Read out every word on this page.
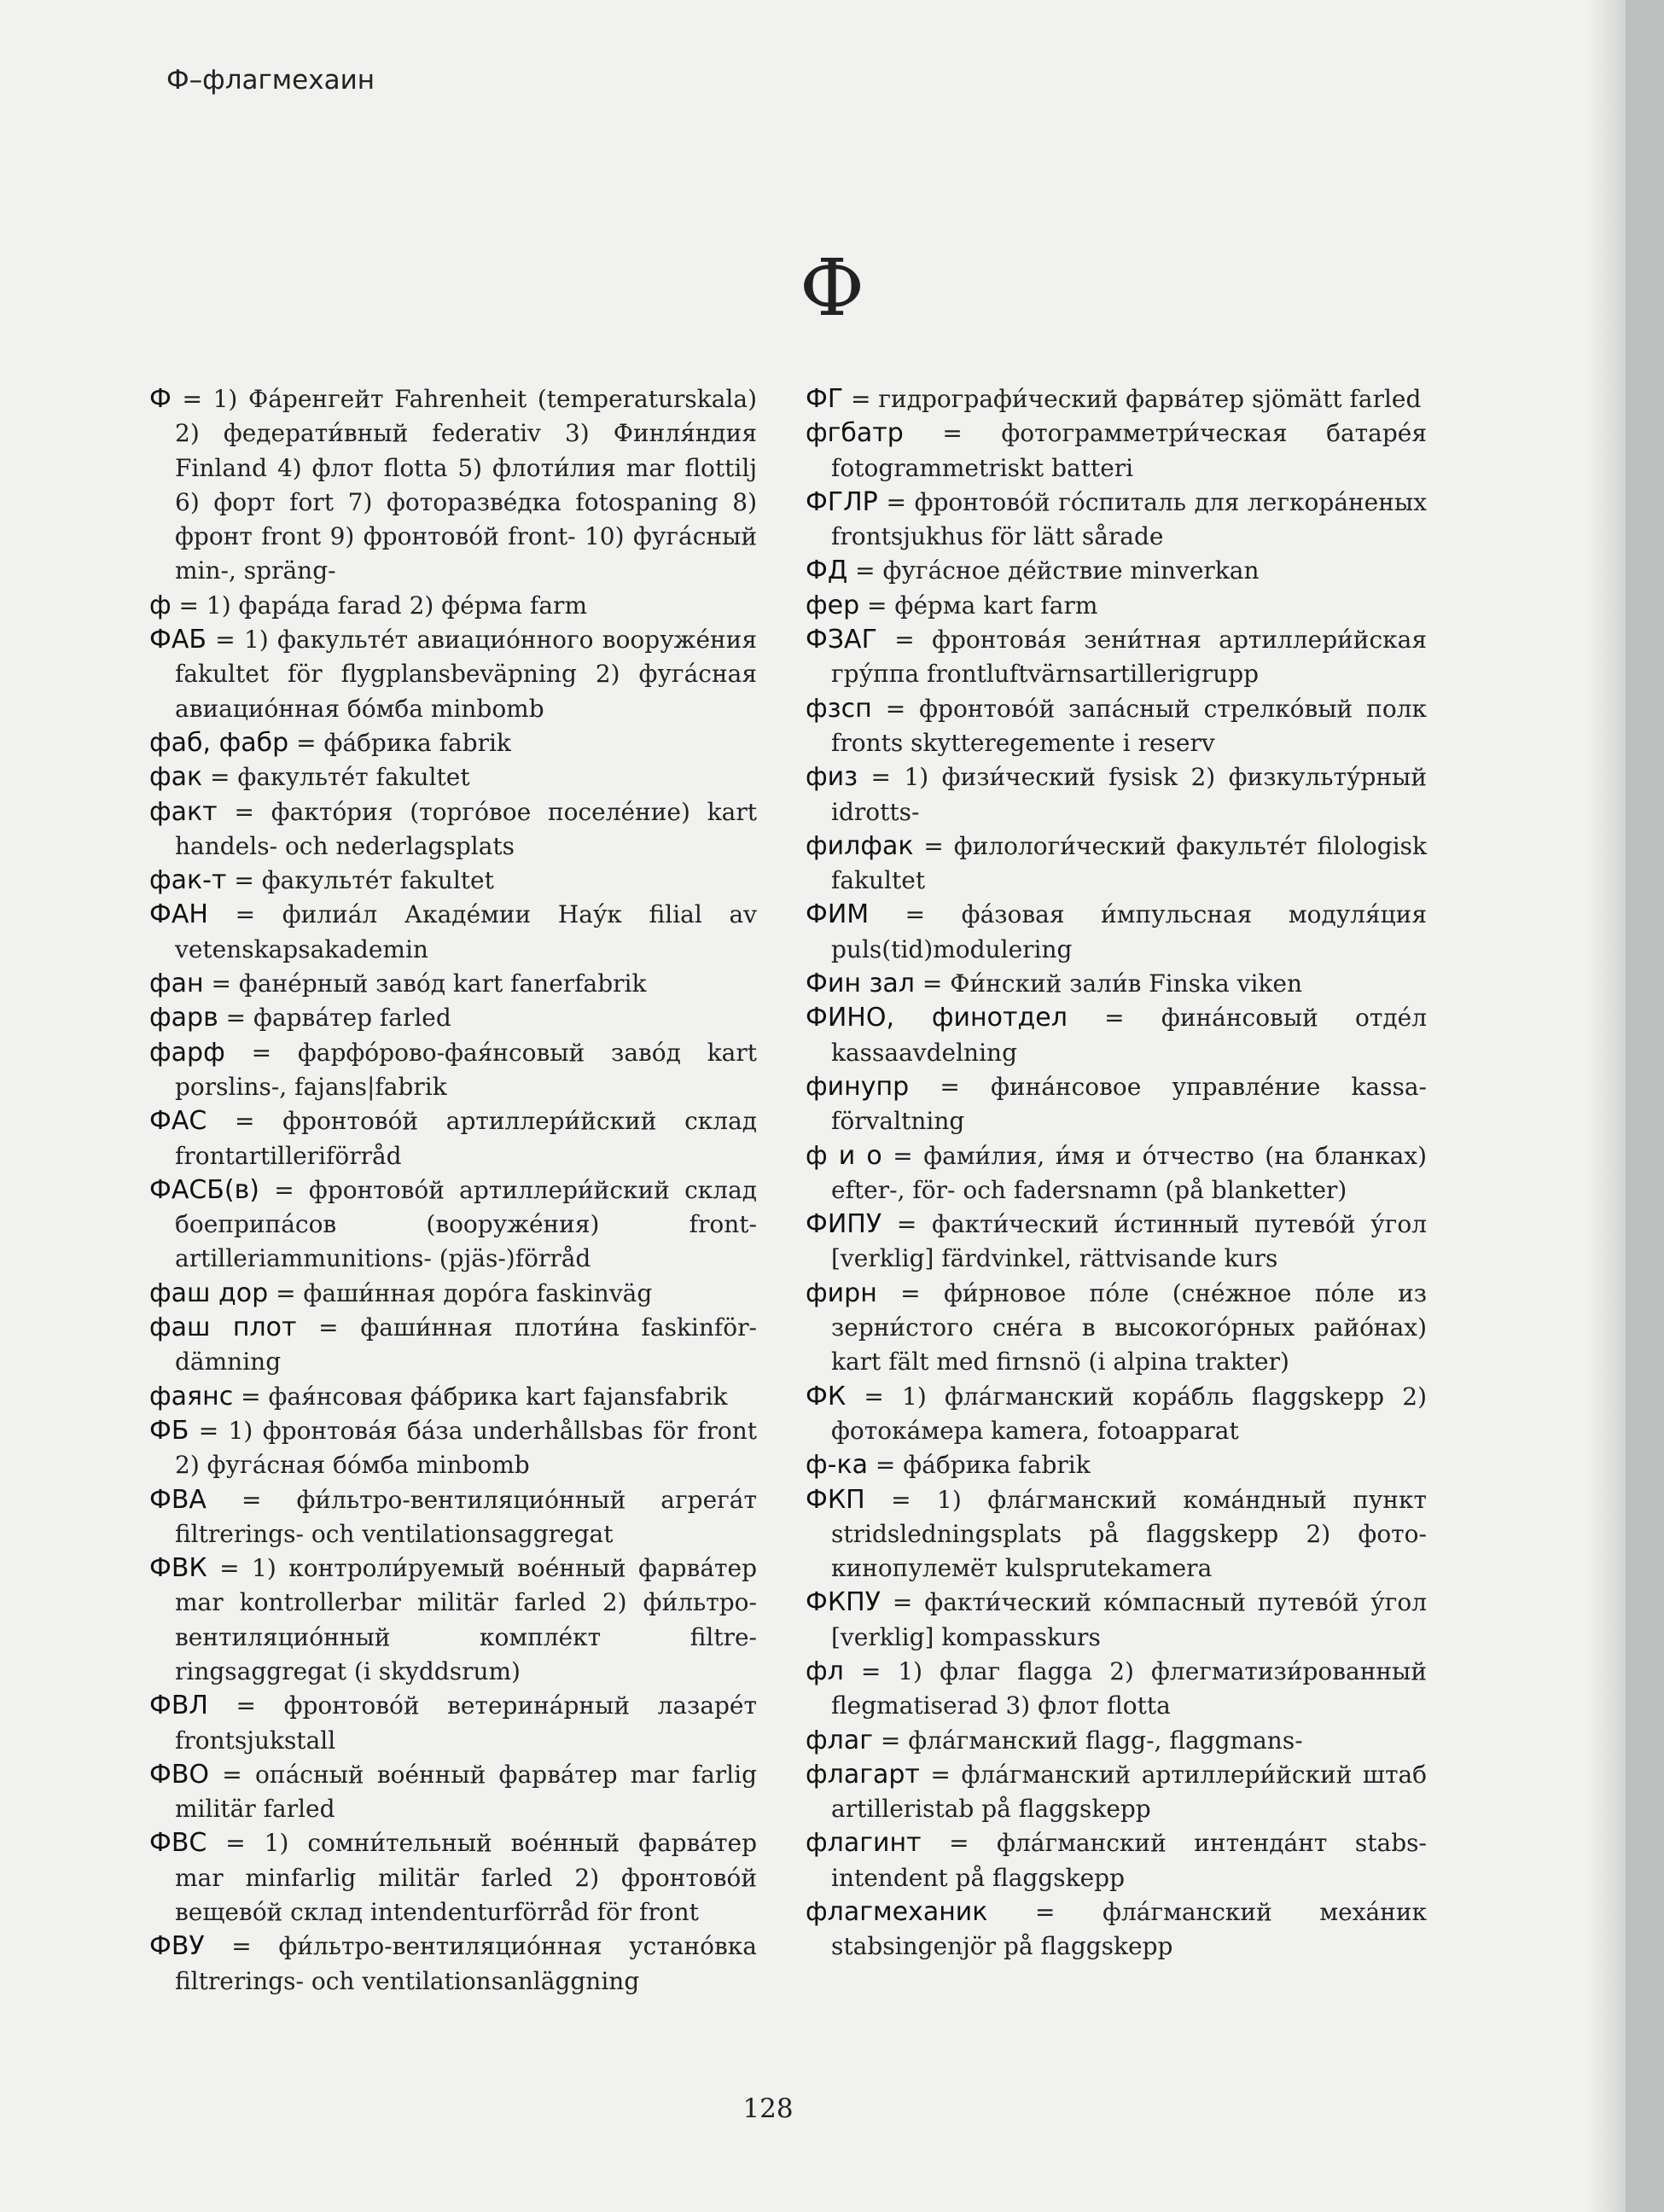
Ф–флагмехаин
Ф

Ф = 1) Фа́ренгейт Fahrenheit (temperaturskala) 2) федерати́вный federativ 3) Финля́ндия Finland 4) флот flotta 5) флоти́лия mar flottilj 6) форт fort 7) фоторазве́дка fotospaning 8) фронт front 9) фронтово́й front- 10) фуга́сный min-, spräng-

ф = 1) фара́да farad 2) фе́рма farm

ФАБ = 1) факульте́т авиацио́нного вооруже́ния fakultet för flygplansbeväpning 2) фуга́сная авиацио́нная бо́мба minbomb

фаб, фабр = фа́брика fabrik

фак = факульте́т fakultet

факт = факто́рия (торго́вое поселе́ние) kart handels- och nederlagsplats

фак-т = факульте́т fakultet

ФАН = филиа́л Акаде́мии Нау́к filial av vetenskapsakademin

фан = фане́рный заво́д kart fanerfabrik

фарв = фарва́тер farled

фарф = фарфо́рово-фая́нсовый заво́д kart porslins-, fajans|fabrik

ФАС = фронтово́й артиллери́йский склад frontartilleriförråd

ФАСБ(в) = фронтово́й артиллери́йский склад боеприпа́сов (вооруже́ния) frontartilleriammunitions- (pjäs-)förråd

фаш дор = фаши́нная доро́га faskinväg

фаш плот = фаши́нная плоти́на faskinfördämning

фаянс = фая́нсовая фа́брика kart fajansfabrik

ФБ = 1) фронтова́я ба́за underhållsbas för front 2) фуга́сная бо́мба minbomb

ФВА = фи́льтро-вентиляцио́нный агрега́т filtrerings- och ventilationsaggregat

ФВК = 1) контроли́руемый вое́нный фарва́тер mar kontrollerbar militär farled 2) фи́льтро-вентиляцио́нный компле́кт filtreringsaggregat (i skyddsrum)

ФВЛ = фронтово́й ветерина́рный лазаре́т frontsjukstall

ФВО = опа́сный вое́нный фарва́тер mar farlig militär farled

ФВС = 1) сомни́тельный вое́нный фарва́тер mar minfarlig militär farled 2) фронтово́й вещево́й склад intendenturförråd för front

ФВУ = фи́льтро-вентиляцио́нная устано́вка filtrerings- och ventilationsanläggning

ФГ = гидрографи́ческий фарва́тер sjömätt farled

фгбатр = фотограмметри́ческая батаре́я fotogrammetriskt batteri

ФГЛР = фронтово́й го́спиталь для легкора́неных frontsjukhus för lätt sårade

ФД = фуга́сное де́йствие minverkan

фер = фе́рма kart farm

ФЗАГ = фронтова́я зени́тная артиллери́йская гру́ппа frontluftvärnsartillerigrupp

фзсп = фронтово́й запа́сный стрелко́вый полк fronts skytteregemente i reserv

физ = 1) физи́ческий fysisk 2) физкульту́рный idrotts-

филфак = филологи́ческий факульте́т filologisk fakultet

ФИМ = фа́зовая и́мпульсная модуля́ция puls(tid)modulering

Фин зал = Фи́нский зали́в Finska viken

ФИНО, финотдел = фина́нсовый отде́л kassaavdelning

финупр = фина́нсовое управле́ние kassaförvaltning

ф и о = фами́лия, и́мя и о́тчество (на бланках) efter-, för- och fadersnamn (på blanketter)

ФИПУ = факти́ческий и́стинный путево́й у́гол [verklig] färdvinkel, rättvisande kurs

фирн = фи́рновое по́ле (сне́жное по́ле из зерни́стого сне́га в высокого́рных райо́нах) kart fält med firnsnö (i alpina trakter)

ФК = 1) фла́гманский кора́бль flaggskepp 2) фотока́мера kamera, fotoapparat

ф-ка = фа́брика fabrik

ФКП = 1) фла́гманский кома́ндный пункт stridsledningsplats på flaggskepp 2) фотокинопулемёт kulsprutekamera

ФКПУ = факти́ческий ко́мпасный путево́й у́гол [verklig] kompasskurs

фл = 1) флаг flagga 2) флегматизи́рованный flegmatiserad 3) флот flotta

флаг = фла́гманский flagg-, flaggmans-

флагарт = фла́гманский артиллери́йский штаб artilleristab på flaggskepp

флагинт = фла́гманский интенда́нт stabsintendent på flaggskepp

флагмеханик = фла́гманский меха́ник stabsingenjör på flaggskepp

128
